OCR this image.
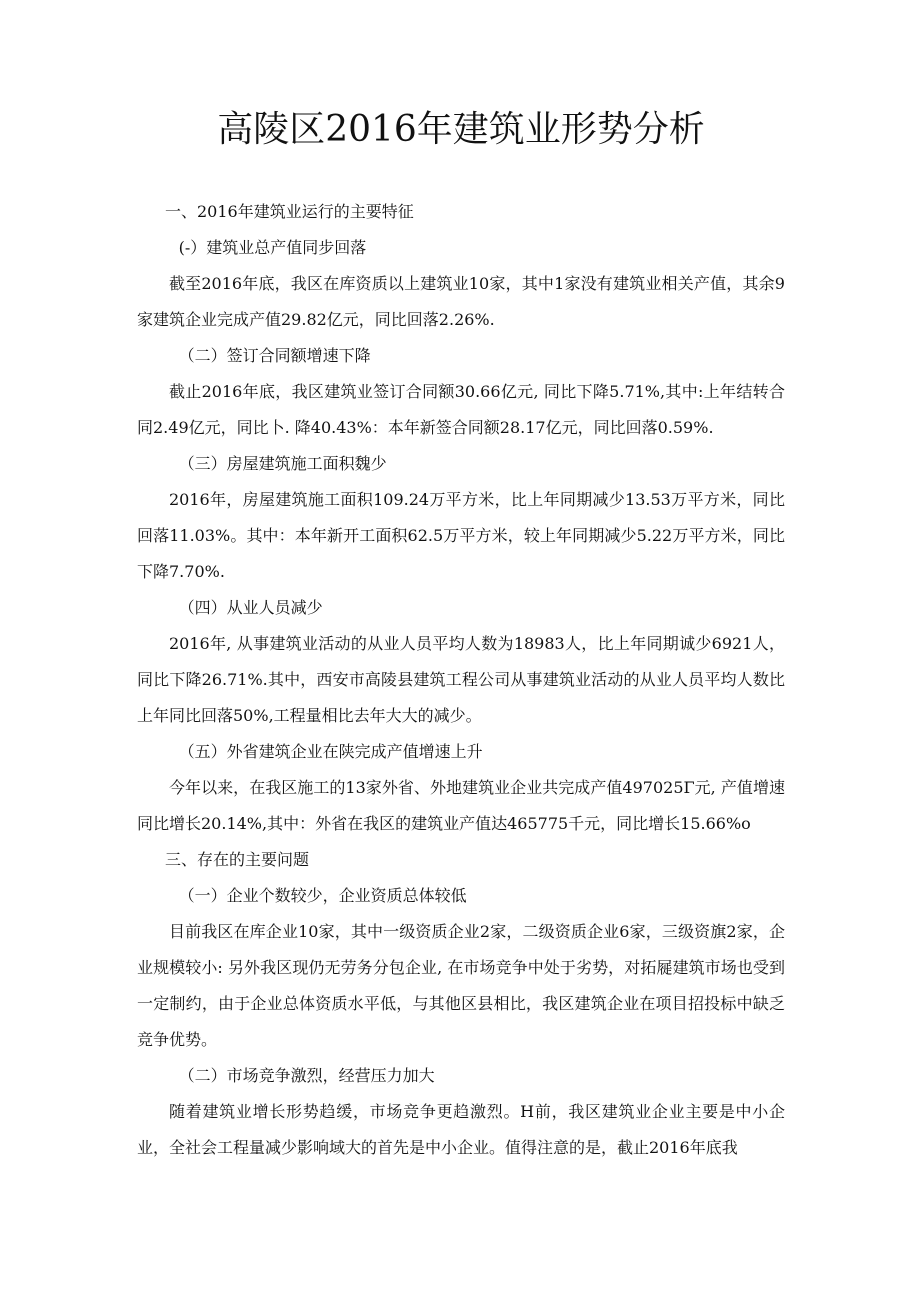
高陵区2016年建筑业形势分析

一、2016年建筑业运行的主要特征

(-）建筑业总产值同步回落

截至2016年底，我区在库资质以上建筑业10家，其中1家没有建筑业相关产值，其余9家建筑企业完成产值29.82亿元，同比回落2.26%.

（二）签订合同额增速下降

截止2016年底，我区建筑业签订合同额30.66亿元, 同比下降5.71%,其中:上年结转合同2.49亿元，同比卜. 降40.43%：本年新签合同额28.17亿元，同比回落0.59%.

（三）房屋建筑施工面积魏少

2016年，房屋建筑施工面积109.24万平方米，比上年同期减少13.53万平方米，同比回落11.03%。其中：本年新开工面积62.5万平方米，较上年同期减少5.22万平方米，同比下降7.70%.

（四）从业人员减少

2016年, 从事建筑业活动的从业人员平均人数为18983人，比上年同期诚少6921人，同比下降26.71%.其中，西安市高陵县建筑工程公司从事建筑业活动的从业人员平均人数比上年同比回落50%,工程量相比去年大大的减少。

（五）外省建筑企业在陕完成产值增速上升

今年以来，在我区施工的13家外省、外地建筑业企业共完成产值497025Γ元, 产值增速同比增长20.14%,其中：外省在我区的建筑业产值达465775千元，同比增长15.66%o

三、存在的主要问题

（一）企业个数较少，企业资质总体较低

目前我区在库企业10家，其中一级资质企业2家，二级资质企业6家，三级资旗2家，企业规模较小: 另外我区现仍无劳务分包企业, 在市场竞争中处于劣势，对拓屣建筑市场也受到一定制约，由于企业总体资质水平低，与其他区县相比，我区建筑企业在项目招投标中缺乏竞争优势。

（二）市场竞争激烈，经营压力加大

随着建筑业增长形势趋缓，市场竞争更趋激烈。H前，我区建筑业企业主要是中小企业，全社会工程量减少影响域大的首先是中小企业。值得注意的是，截止2016年底我
